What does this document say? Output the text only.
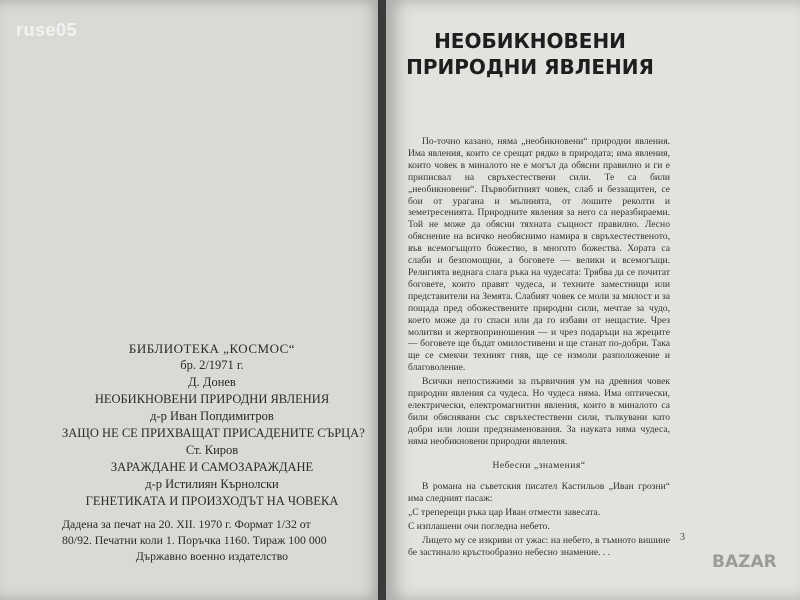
ruse05
БИБЛИОТЕКА „КОСМОС“
бр. 2/1971 г.
Д. Донев
НЕОБИКНОВЕНИ ПРИРОДНИ ЯВЛЕНИЯ
д-р Иван Попдимитров
ЗАЩО НЕ СЕ ПРИХВАЩАТ ПРИСАДЕНИТЕ СЪРЦА?
Ст. Киров
ЗАРАЖДАНЕ И САМОЗАРАЖДАНЕ
д-р Истилиян Кърнолски
ГЕНЕТИКАТА И ПРОИЗХОДЪТ НА ЧОВЕКА
Дадена за печат на 20. XII. 1970 г. Формат 1/32 от
80/92. Печатни коли 1. Поръчка 1160. Тираж 100 000
Държавно военно издателство
НЕОБИКНОВЕНИ
ПРИРОДНИ ЯВЛЕНИЯ

По-точно казано, няма „необикновени“ природни явления. Има явления, които се срещат рядко в природата; има явления, които човек в миналото не е могъл да обясни правилно и ги е приписвал на свръхестествени сили. Те са били „необикновени“. Първобитният човек, слаб и беззащитен, се бои от урагана и мълнията, от лошите реколти и земетресенията. Природните явления за него са неразбираеми. Той не може да обясни тяхната същност правилно. Лесно обяснение на всичко необяснимо намира в свръхестественото, във всемогъщото божество, в многото божества. Хората са слаби и безпомощни, а боговете — велики и всемогъщи. Религията веднага слага ръка на чудесата: Трябва да се почитат боговете, които правят чудеса, и техните заместници или представители на Земята. Слабият човек се моли за милост и за пощада пред обожествените природни сили, мечтае за чудо, което може да го спаси или да го избави от нещастие. Чрез молитви и жертвоприношения — и чрез подаръци на жреците — боговете ще бъдат омилостивени и ще станат по-добри. Така ще се смекчи техният гняв, ще се измоли разположение и благоволение.

Всички непостижими за първичния ум на древния човек природни явления са чудеса. Но чудеса няма. Има оптически, електрически, електромагнитни явления, които в миналото са били обяснявани със свръхестествени сили, тълкувани като добри или лоши предзнаменования. За науката няма чудеса, няма необикновени природни явления.

Небесни „знамения“

В романа на съветския писател Кастильов „Иван грозни“ има следният пасаж:

„С треперещи ръка цар Иван отмести завесата.

С изплашени очи погледна небето.

Лицето му се изкриви от ужас: на небето, в тъмното вишине бе застинало кръстообразно небесно знамение. . .

3
BAZAR
